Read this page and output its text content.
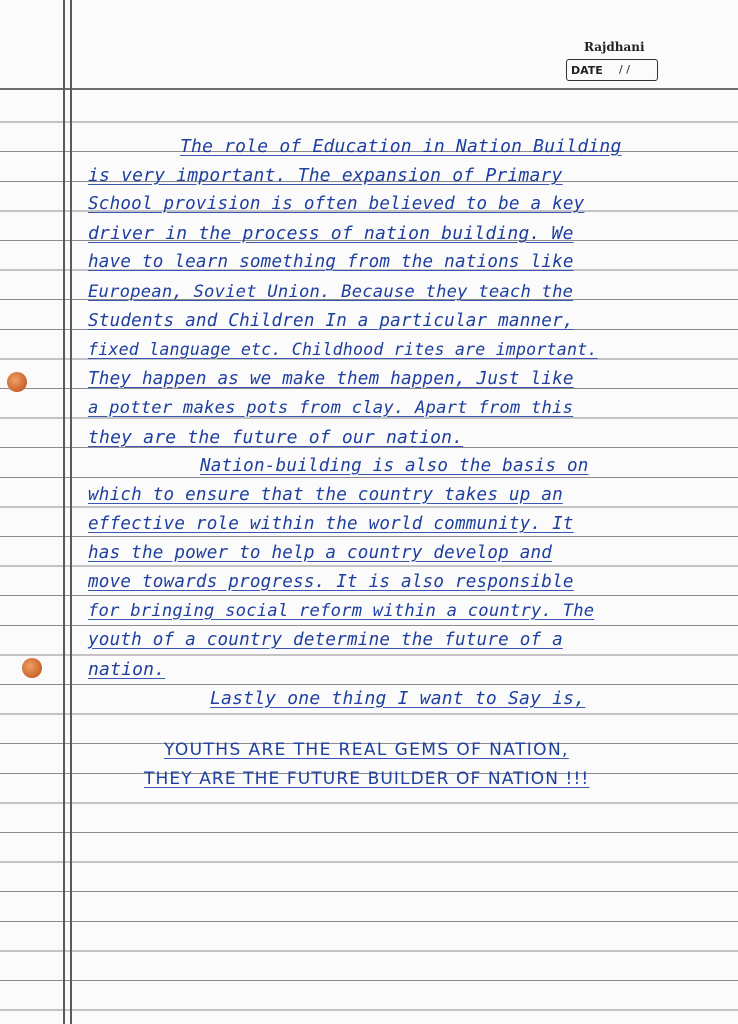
Rajdhani
DATE / /
The role of Education in Nation Building
is very important. The expansion of Primary
School provision is often believed to be a key
driver in the process of nation building. We
have to learn something from the nations like
European, Soviet Union. Because they teach the
Students and Children In a particular manner,
fixed language etc. Childhood rites are important.
They happen as we make them happen, Just like
a potter makes pots from clay. Apart from this
they are the future of our nation.
Nation-building is also the basis on
which to ensure that the country takes up an
effective role within the world community. It
has the power to help a country develop and
move towards progress. It is also responsible
for bringing social reform within a country. The
youth of a country determine the future of a
nation.
Lastly one thing I want to Say is,
YOUTHS ARE THE REAL GEMS OF NATION,
THEY ARE THE FUTURE BUILDER OF NATION !!!
